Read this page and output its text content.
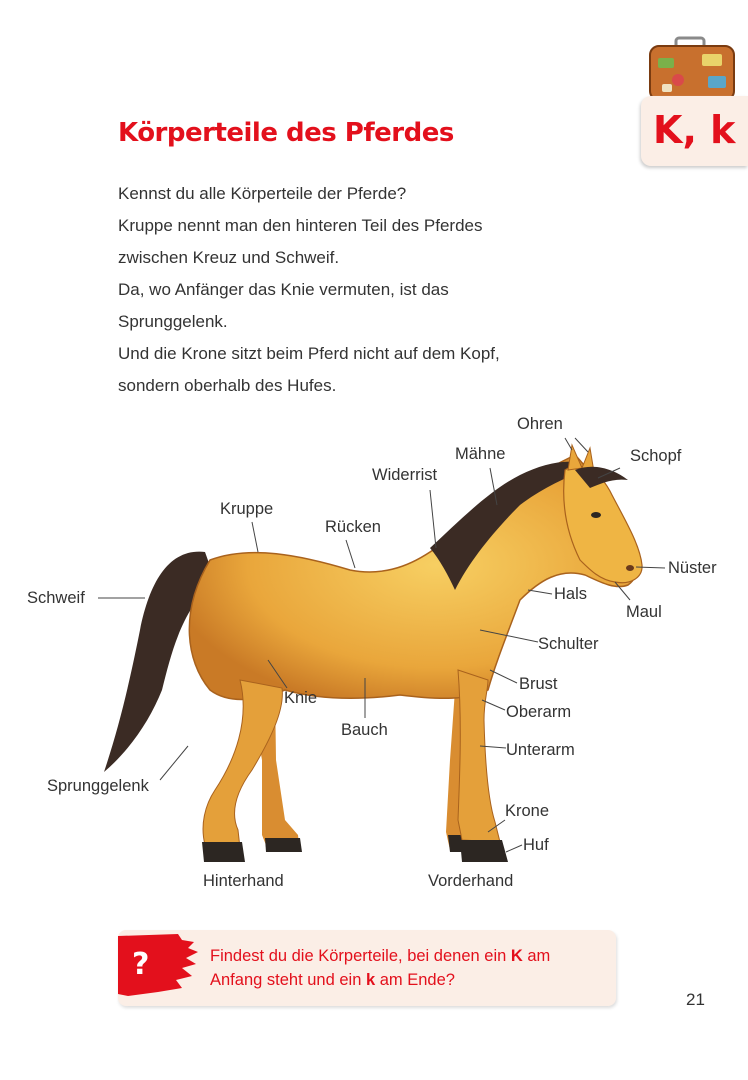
K, k
Körperteile des Pferdes

Kennst du alle Körperteile der Pferde?

Kruppe nennt man den hinteren Teil des Pferdes

zwischen Kreuz und Schweif.

Da, wo Anfänger das Knie vermuten, ist das

Sprunggelenk.

Und die Krone sitzt beim Pferd nicht auf dem Kopf,

sondern oberhalb des Hufes.

Ohren
Mähne
Widerrist
Schopf
Kruppe
Rücken
Nüster
Schweif	Hals
Maul
Schulter
Knie
Brust
Oberarm
Bauch
Unterarm
Sprunggelenk
Krone
Huf
Hinterhand	Vorderhand
?	Findest du die Körperteile, bei denen ein K am
Anfang steht und ein k am Ende?
21
